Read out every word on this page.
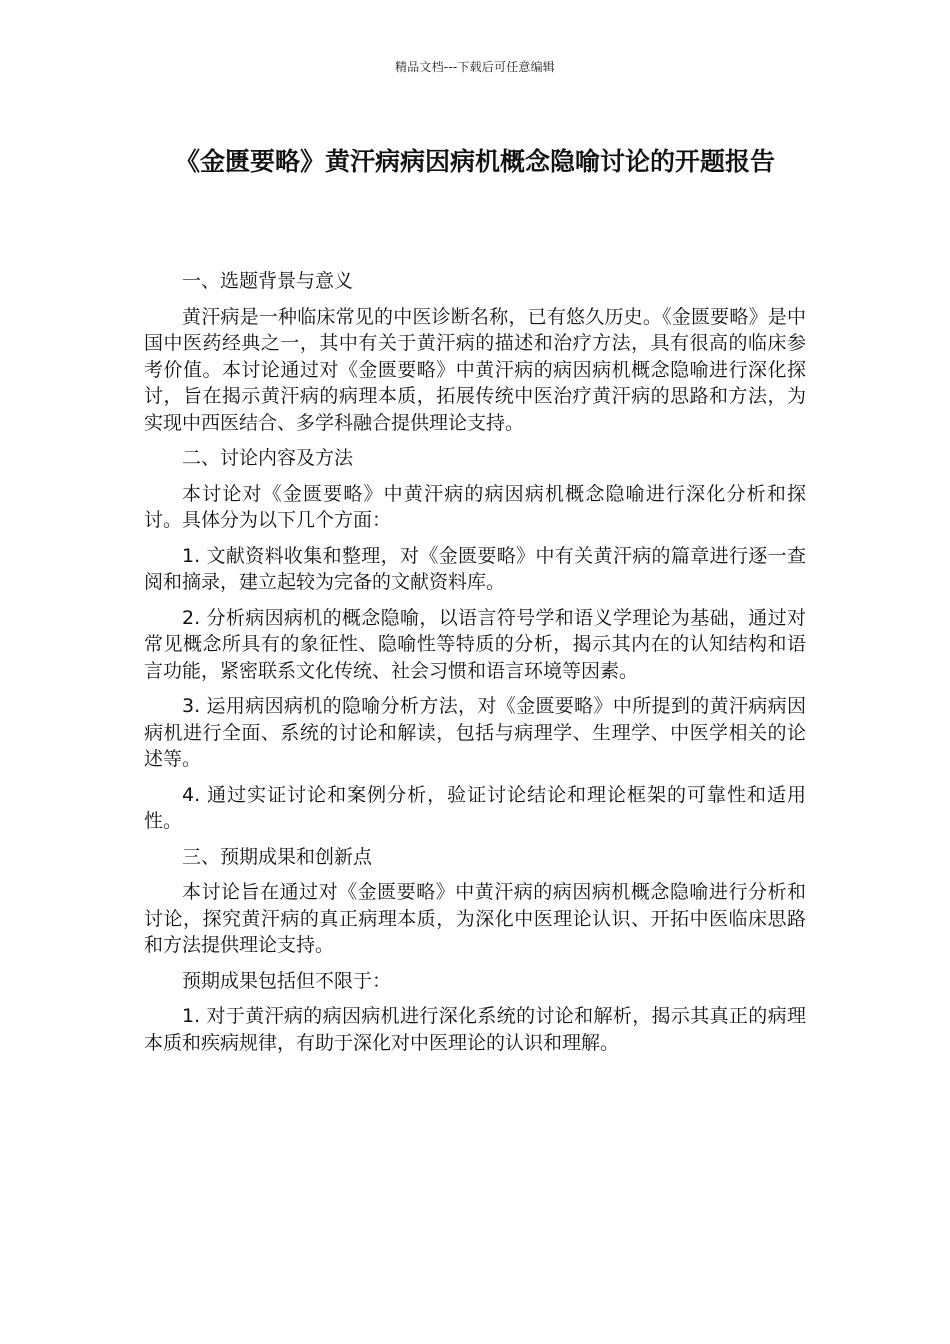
精品文档---下载后可任意编辑
《金匮要略》黄汗病病因病机概念隐喻讨论的开题报告

一、选题背景与意义

黄汗病是一种临床常见的中医诊断名称，已有悠久历史。《金匮要略》是中国中医药经典之一，其中有关于黄汗病的描述和治疗方法，具有很高的临床参考价值。本讨论通过对《金匮要略》中黄汗病的病因病机概念隐喻进行深化探讨，旨在揭示黄汗病的病理本质，拓展传统中医治疗黄汗病的思路和方法，为实现中西医结合、多学科融合提供理论支持。

二、讨论内容及方法

本讨论对《金匮要略》中黄汗病的病因病机概念隐喻进行深化分析和探讨。具体分为以下几个方面：

1. 文献资料收集和整理，对《金匮要略》中有关黄汗病的篇章进行逐一查阅和摘录，建立起较为完备的文献资料库。

2. 分析病因病机的概念隐喻，以语言符号学和语义学理论为基础，通过对常见概念所具有的象征性、隐喻性等特质的分析，揭示其内在的认知结构和语言功能，紧密联系文化传统、社会习惯和语言环境等因素。

3. 运用病因病机的隐喻分析方法，对《金匮要略》中所提到的黄汗病病因病机进行全面、系统的讨论和解读，包括与病理学、生理学、中医学相关的论述等。

4. 通过实证讨论和案例分析，验证讨论结论和理论框架的可靠性和适用性。

三、预期成果和创新点

本讨论旨在通过对《金匮要略》中黄汗病的病因病机概念隐喻进行分析和讨论，探究黄汗病的真正病理本质，为深化中医理论认识、开拓中医临床思路和方法提供理论支持。

预期成果包括但不限于：

1. 对于黄汗病的病因病机进行深化系统的讨论和解析，揭示其真正的病理本质和疾病规律，有助于深化对中医理论的认识和理解。
